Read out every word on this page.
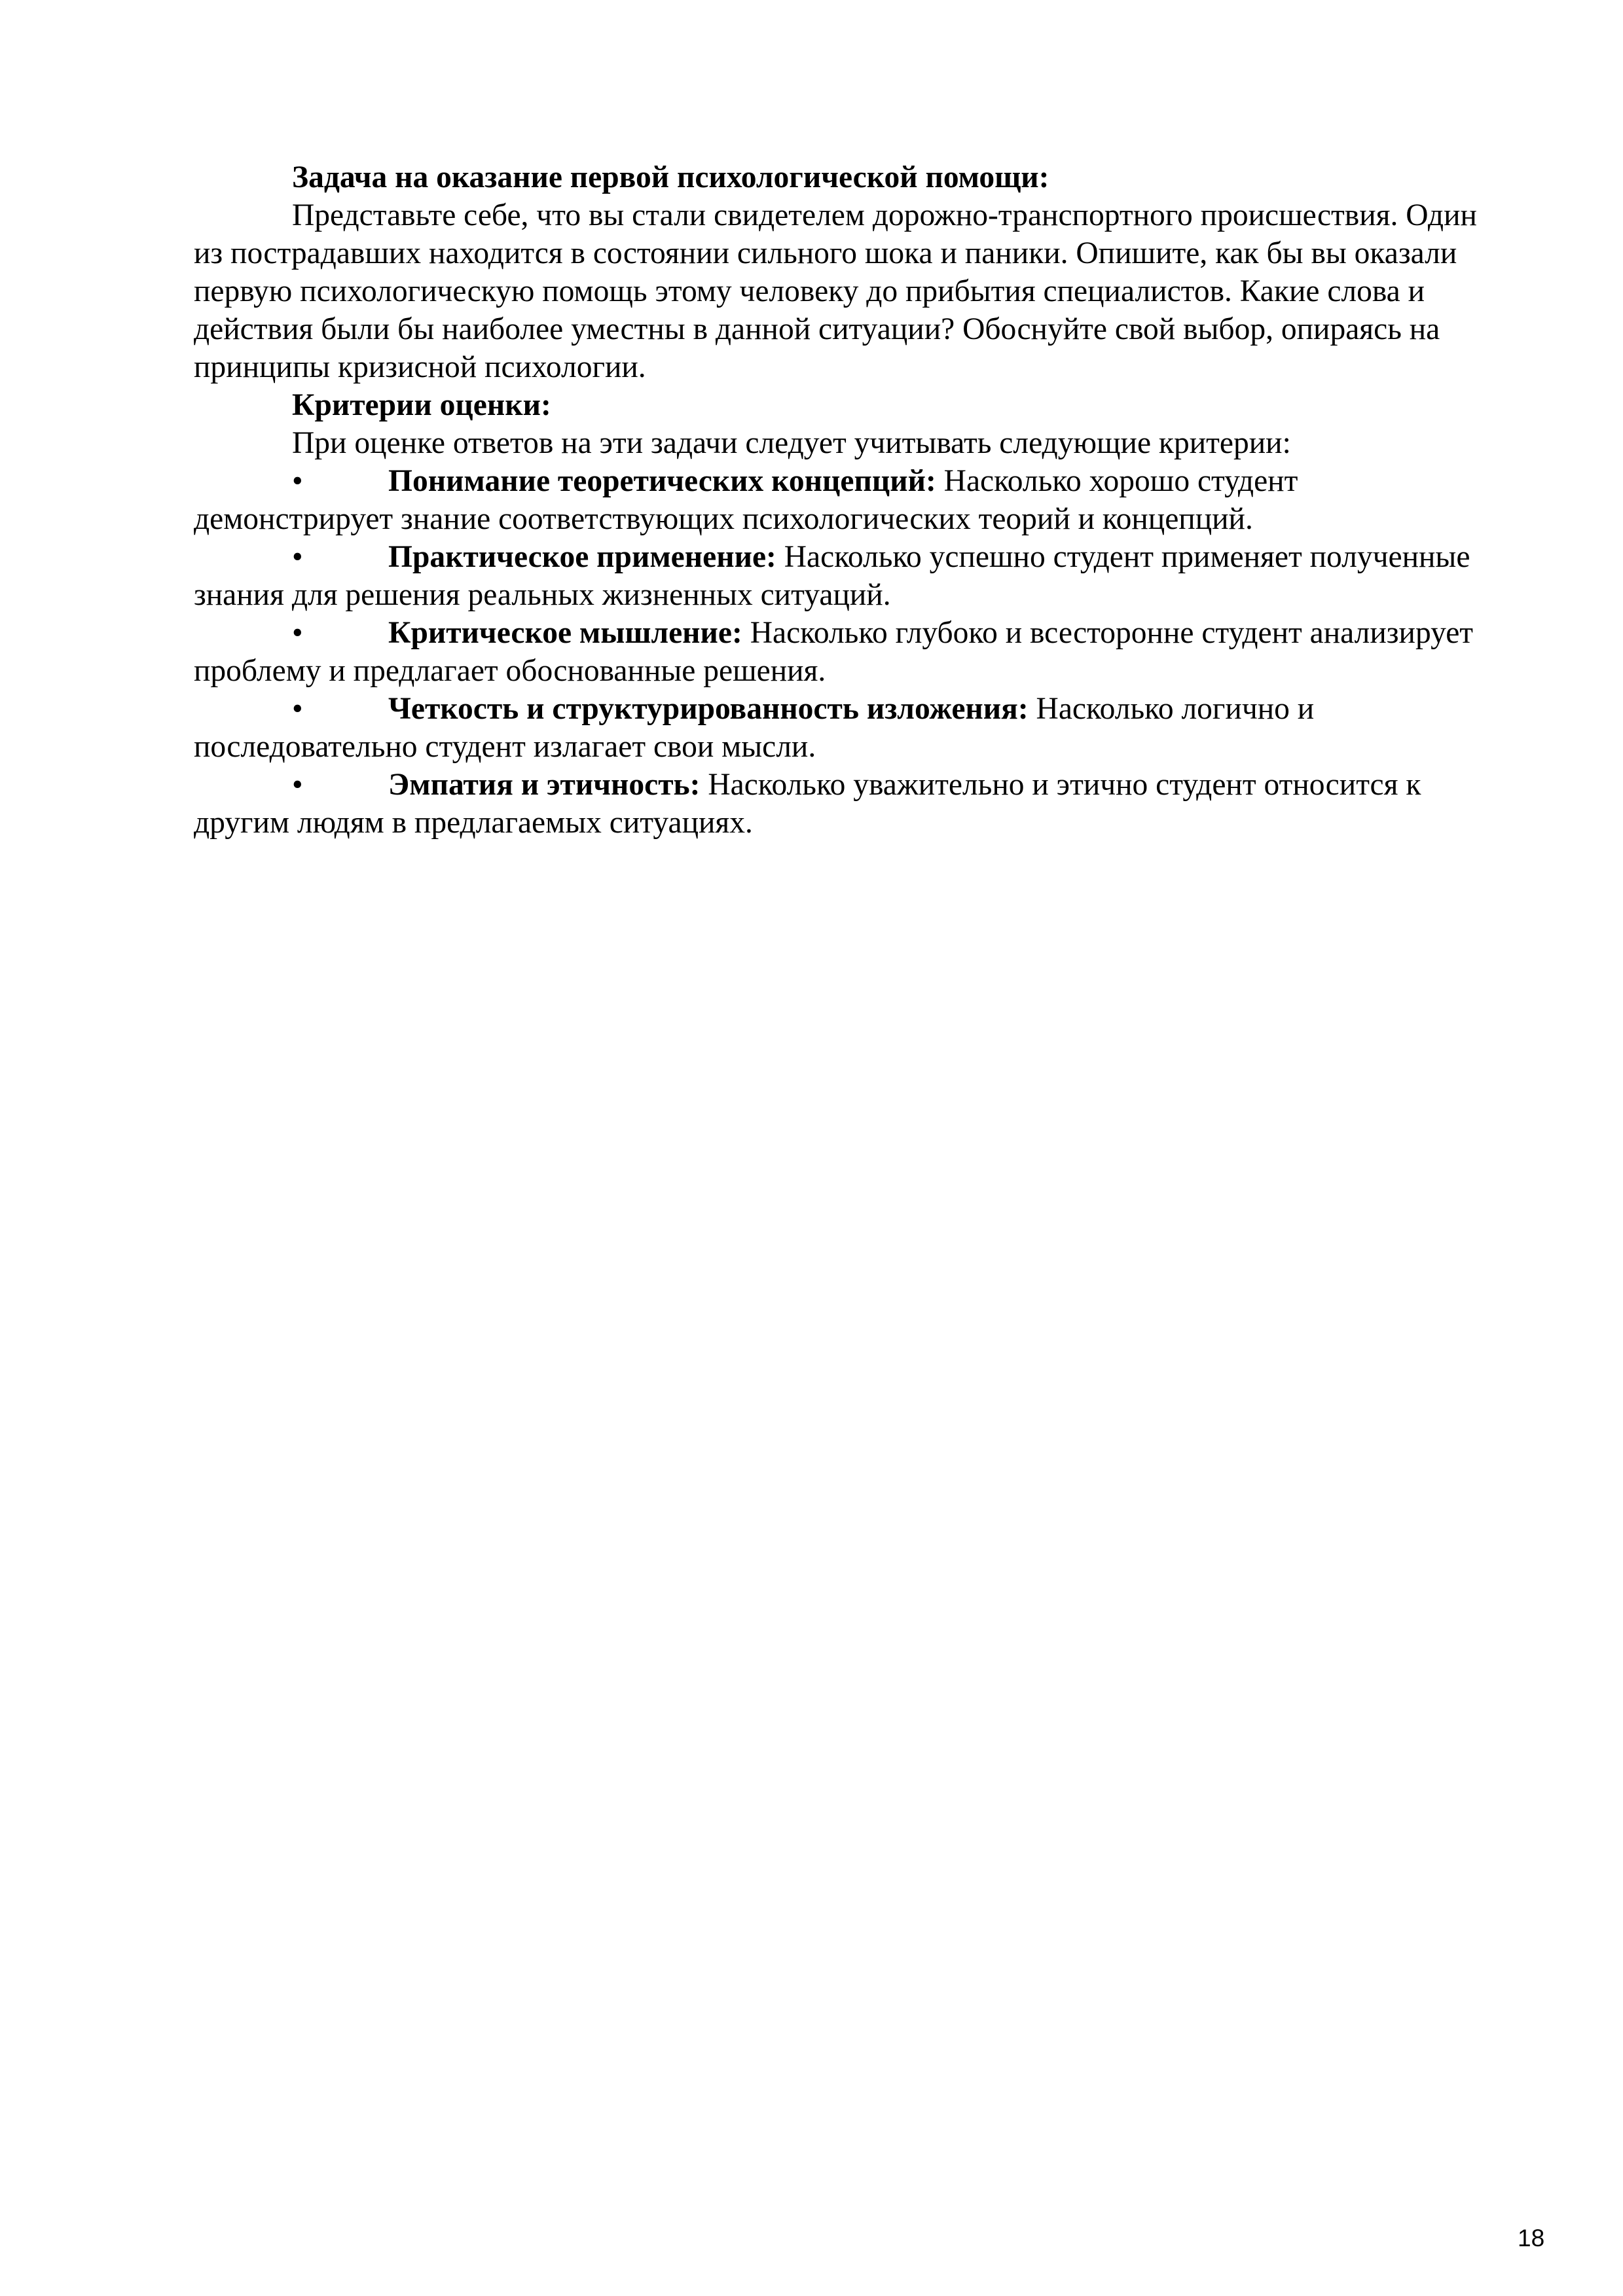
Задача на оказание первой психологической помощи:

Представьте себе, что вы стали свидетелем дорожно-транспортного происшествия. Один из пострадавших находится в состоянии сильного шока и паники. Опишите, как бы вы оказали первую психологическую помощь этому человеку до прибытия специалистов. Какие слова и действия были бы наиболее уместны в данной ситуации? Обоснуйте свой выбор, опираясь на принципы кризисной психологии.

Критерии оценки:

При оценке ответов на эти задачи следует учитывать следующие критерии:

•	Понимание теоретических концепций: Насколько хорошо студент демонстрирует знание соответствующих психологических теорий и концепций.
•	Практическое применение: Насколько успешно студент применяет полученные знания для решения реальных жизненных ситуаций.
•	Критическое мышление: Насколько глубоко и всесторонне студент анализирует проблему и предлагает обоснованные решения.
•	Четкость и структурированность изложения: Насколько логично и последовательно студент излагает свои мысли.
•	Эмпатия и этичность: Насколько уважительно и этично студент относится к другим людям в предлагаемых ситуациях.
18
